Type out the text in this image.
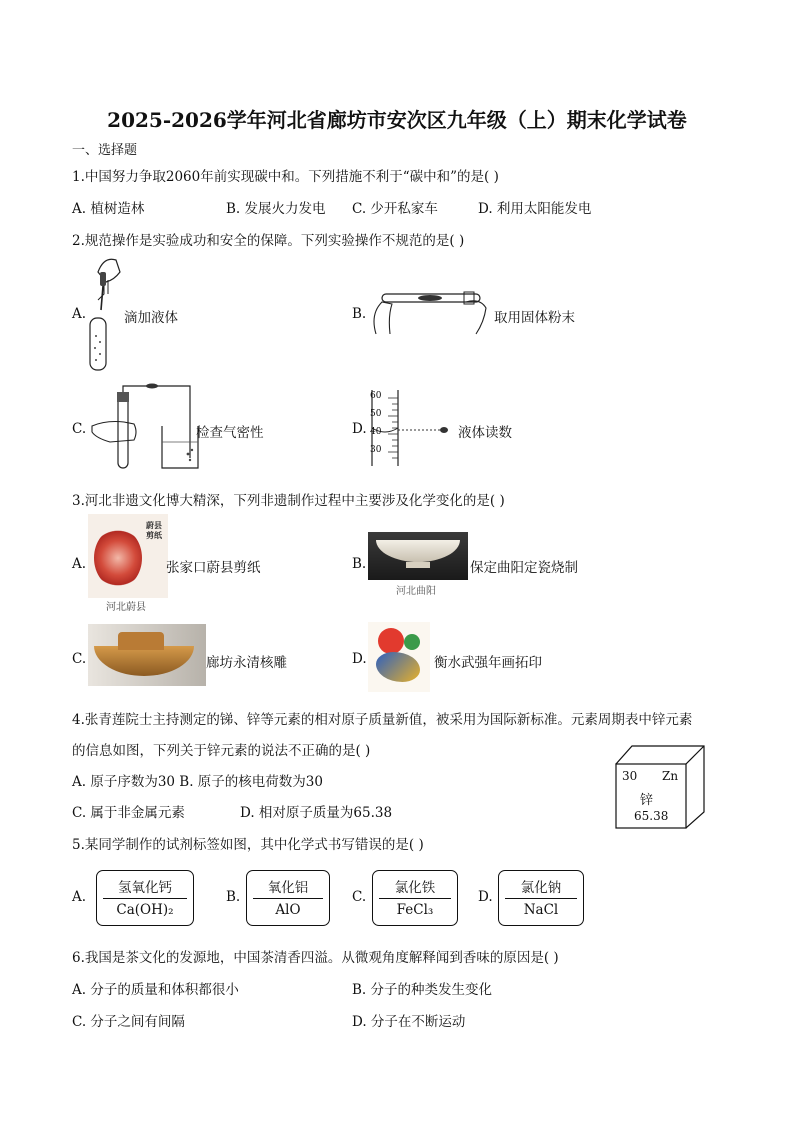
2025-2026学年河北省廊坊市安次区九年级（上）期末化学试卷
一、选择题
1.中国努力争取2060年前实现碳中和。下列措施不利于“碳中和”的是( )
A. 植树造林	B. 发展火力发电 C. 少开私家车	D. 利用太阳能发电
2.规范操作是实验成功和安全的保障。下列实验操作不规范的是( )
A.	滴加液体	B.	取用固体粉末
C.	检查气密性	D.
60
50
40
30
液体读数
3.河北非遗文化博大精深，下列非遗制作过程中主要涉及化学变化的是( )
A.
蔚县剪纸
河北蔚县
张家口蔚县剪纸	B.
河北曲阳
保定曲阳定瓷烧制
C.	廊坊永清核雕	D.	衡水武强年画拓印
4.张青莲院士主持测定的锑、锌等元素的相对原子质量新值，被采用为国际新标准。元素周期表中锌元素
的信息如图，下列关于锌元素的说法不正确的是( )
A. 原子序数为30 B. 原子的核电荷数为30
C. 属于非金属元素	D. 相对原子质量为65.38
30 Zn
锌
65.38
5.某同学制作的试剂标签如图，其中化学式书写错误的是( )
A.
氢氧化钙
Ca(OH)₂
B.
氧化铝
AlO
C.
氯化铁
FeCl₃
D.
氯化钠
NaCl
6.我国是茶文化的发源地，中国茶清香四溢。从微观角度解释闻到香味的原因是( )
A. 分子的质量和体积都很小	B. 分子的种类发生变化
C. 分子之间有间隔	D. 分子在不断运动
